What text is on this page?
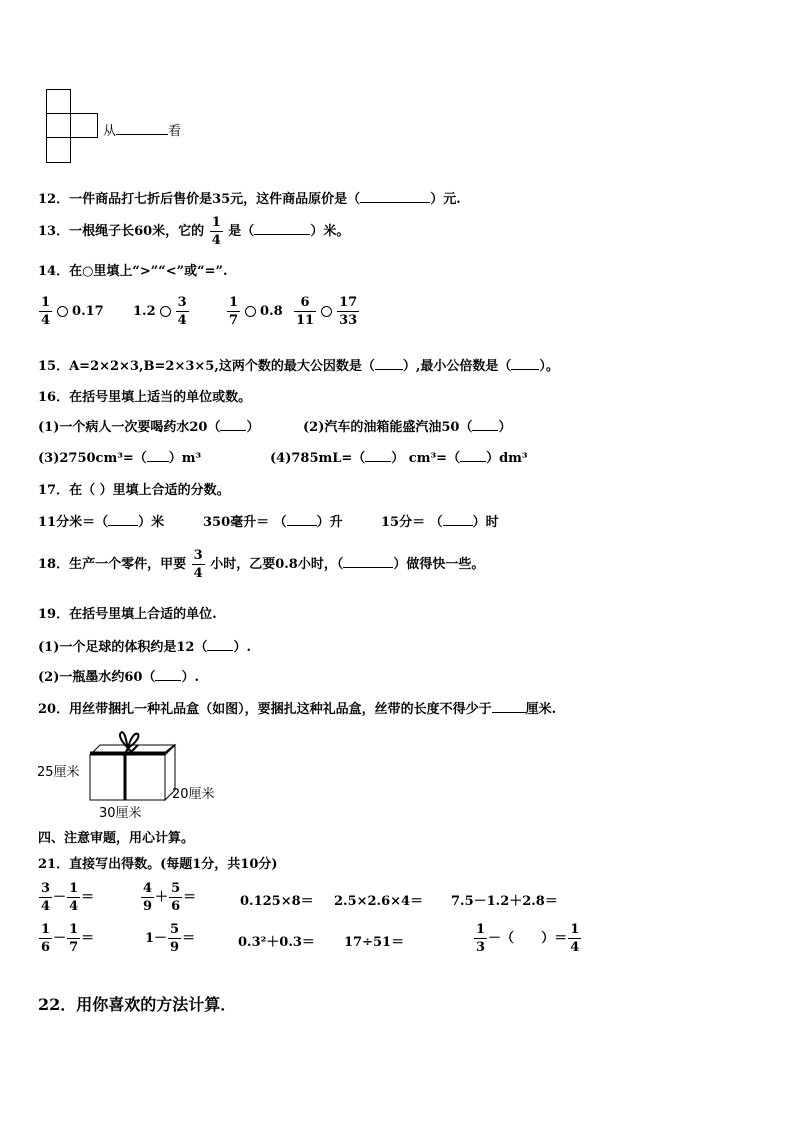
从	看
12．一件商品打七折后售价是35元，这件商品原价是（	）元.
13．一根绳子长60米，它的 $\frac{1}{4}$ 是（	）米。
14．在○里填上“>”“<”或“=”.
$\frac{1}{4} 0.17$ $1.2 \frac{3}{4}$	$\frac{1}{7} 0.8 \frac{6}{11} \frac{17}{33}$
15．A=2×2×3,B=2×3×5,这两个数的最大公因数是（ ）,最小公倍数是（ ）。
16．在括号里填上适当的单位或数。
(1)一个病人一次要喝药水20（ ）	(2)汽车的油箱能盛汽油50（ ）
(3)2750cm³=（ ）m³	(4)785mL=（ ） cm³=（ ）dm³
17．在（ ）里填上合适的分数。
11分米＝（ ）米	350毫升＝ （ ）升	15分＝ （ ）时
18．生产一个零件，甲要 $\frac{3}{4}$ 小时，乙要0.8小时，（	）做得快一些。
19．在括号里填上合适的单位.
(1)一个足球的体积约是12（ ）.
(2)一瓶墨水约60（ ）.
20．用丝带捆扎一种礼品盒（如图），要捆扎这种礼品盒，丝带的长度不得少于	厘米.
25厘米
30厘米
20厘米
四、注意审题，用心计算。
21．直接写出得数。(每题1分，共10分)
$\frac{3}{4} - \frac{1}{4}$ ＝	$\frac{4}{9} + \frac{5}{6}$ ＝	0.125×8＝ 2.5×2.6×4＝ 7.5－1.2＋2.8＝
$\frac{1}{6} - \frac{1}{7}$ ＝	$1- \frac{5}{9}$ ＝	0.3²＋0.3＝ 17÷51＝	$\frac{1}{3}$ －（      ）＝ $\frac{1}{4}$
22．用你喜欢的方法计算．
